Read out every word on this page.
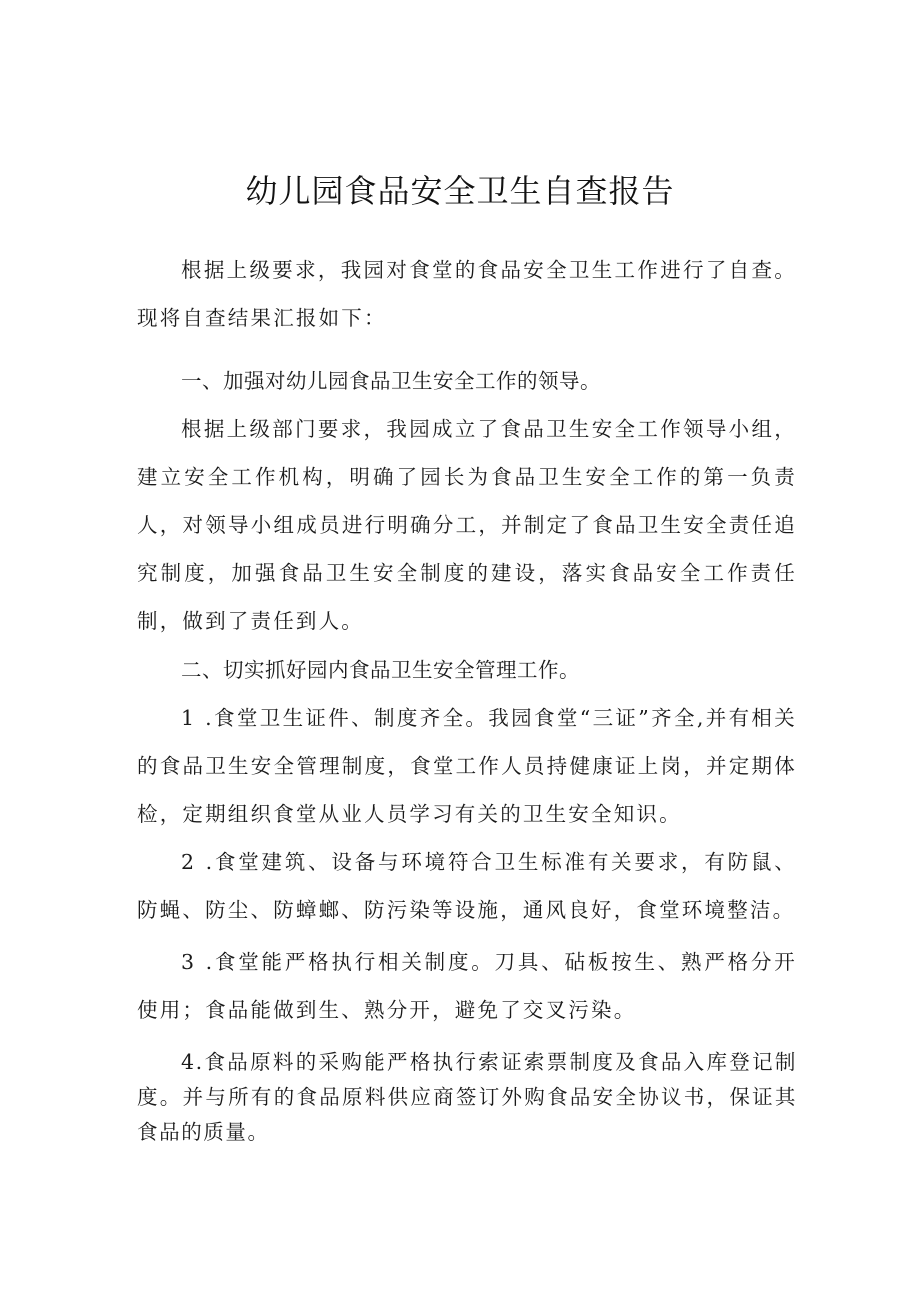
幼儿园食品安全卫生自查报告

根据上级要求，我园对食堂的食品安全卫生工作进行了自查。现将自查结果汇报如下：

一、加强对幼儿园食品卫生安全工作的领导。

根据上级部门要求，我园成立了食品卫生安全工作领导小组，建立安全工作机构，明确了园长为食品卫生安全工作的第一负责人，对领导小组成员进行明确分工，并制定了食品卫生安全责任追究制度，加强食品卫生安全制度的建设，落实食品安全工作责任制，做到了责任到人。

二、切实抓好园内食品卫生安全管理工作。

1 .食堂卫生证件、制度齐全。我园食堂“三证”齐全,并有相关的食品卫生安全管理制度，食堂工作人员持健康证上岗，并定期体检，定期组织食堂从业人员学习有关的卫生安全知识。

2 .食堂建筑、设备与环境符合卫生标准有关要求，有防鼠、防蝇、防尘、防蟑螂、防污染等设施，通风良好，食堂环境整洁。

3 .食堂能严格执行相关制度。刀具、砧板按生、熟严格分开使用；食品能做到生、熟分开，避免了交叉污染。

4.食品原料的采购能严格执行索证索票制度及食品入库登记制度。并与所有的食品原料供应商签订外购食品安全协议书，保证其食品的质量。
